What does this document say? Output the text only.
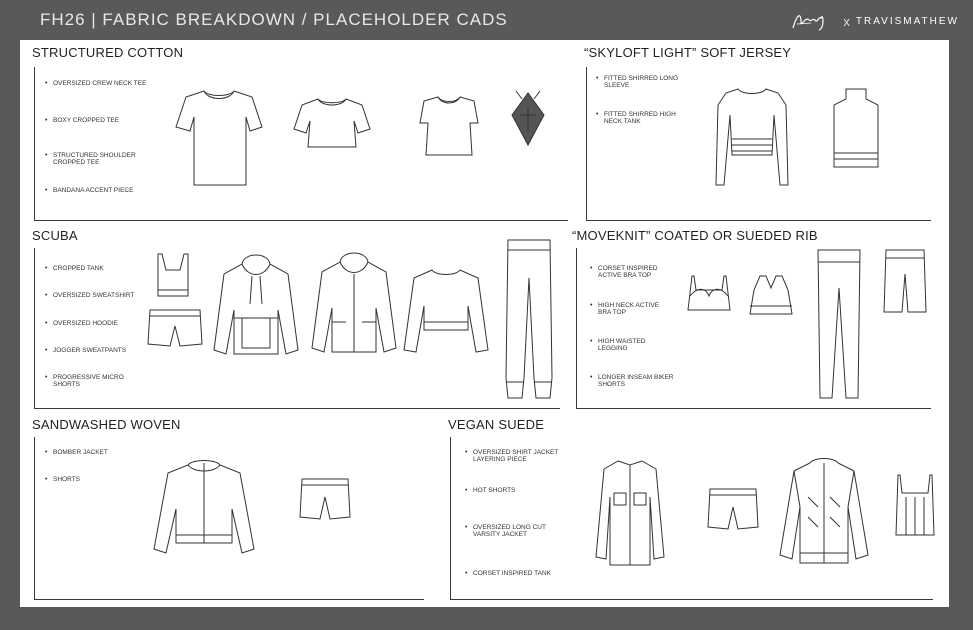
FH26 | FABRIC BREAKDOWN / PLACEHOLDER CADS	x TRAVISMATHEW
STRUCTURED COTTON
• OVERSIZED CREW NECK TEE
• BOXY CROPPED TEE
• STRUCTURED SHOULDER CROPPED TEE
• BANDANA ACCENT PIECE
“SKYLOFT LIGHT” SOFT JERSEY
• FITTED SHIRRED LONG SLEEVE
• FITTED SHIRRED HIGH NECK TANK
SCUBA
• CROPPED TANK
• OVERSIZED SWEATSHIRT
• OVERSIZED HOODIE
• JOGGER SWEATPANTS
• PROGRESSIVE MICRO SHORTS
“MOVEKNIT” COATED OR SUEDED RIB
• CORSET INSPIRED ACTIVE BRA TOP
• HIGH NECK ACTIVE BRA TOP
• HIGH WAISTED LEGGING
• LONGER INSEAM BIKER SHORTS
SANDWASHED WOVEN
• BOMBER JACKET
• SHORTS
VEGAN SUEDE
• OVERSIZED SHIRT JACKET LAYERING PIECE
• HOT SHORTS
• OVERSIZED LONG CUT VARSITY JACKET
• CORSET INSPIRED TANK
